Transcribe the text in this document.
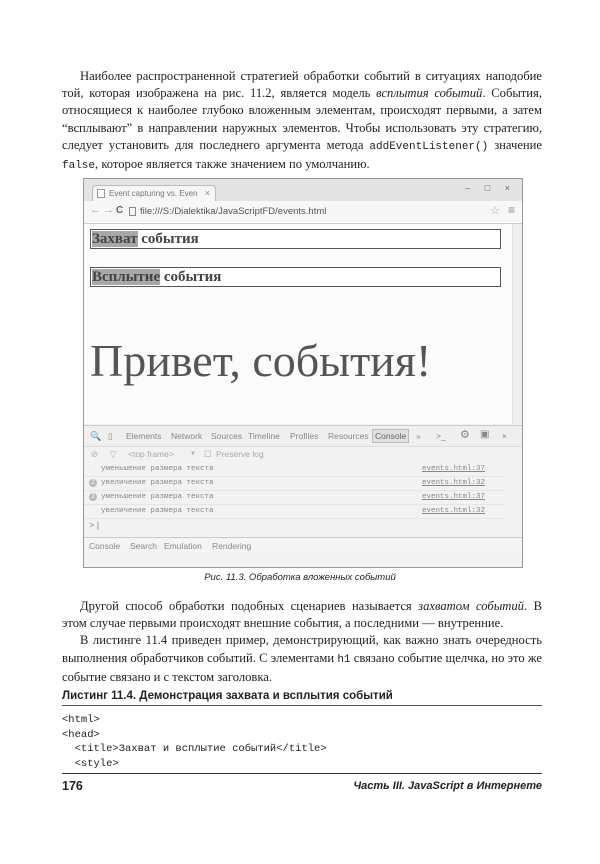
Наиболее распространенной стратегией обработки событий в ситуациях наподобие той, которая изображена на рис. 11.2, является модель всплытия событий. События, относящиеся к наиболее глубоко вложенным элементам, происходят первыми, а затем “всплывают” в направлении наружных элементов. Чтобы использовать эту стратегию, следует установить для последнего аргумента метода addEventListener() значение false, которое является также значением по умолчанию.

Event capturing vs. Even ×	– □ ×
← → C file:///S:/Dialektika/JavaScriptFD/events.html	☆ ≡
Захват события
Всплытие события
Привет, события!
🔍 ▯ Elements Network Sources Timeline Profiles Resources Console	» >_ ⚙ ▣ ×
⊘ ▽ <top frame>	▼ ☐ Preserve log
уменьшение размера текста	events.html:37
2 увеличение размера текста	events.html:32
2 уменьшение размера текста	events.html:37
увеличение размера текста	events.html:32
> |
Console Search Emulation Rendering
Рис. 11.3. Обработка вложенных событий

Другой способ обработки подобных сценариев называется захватом событий. В этом случае первыми происходят внешние события, а последними — внутренние.

В листинге 11.4 приведен пример, демонстрирующий, как важно знать очередность выполнения обработчиков событий. С элементами h1 связано событие щелчка, но это же событие связано и с текстом заголовка.

Листинг 11.4. Демонстрация захвата и всплытия событий
<html>
<head>
<title>Захват и всплытие событий</title>
<style>
176	Часть III. JavaScript в Интернете
